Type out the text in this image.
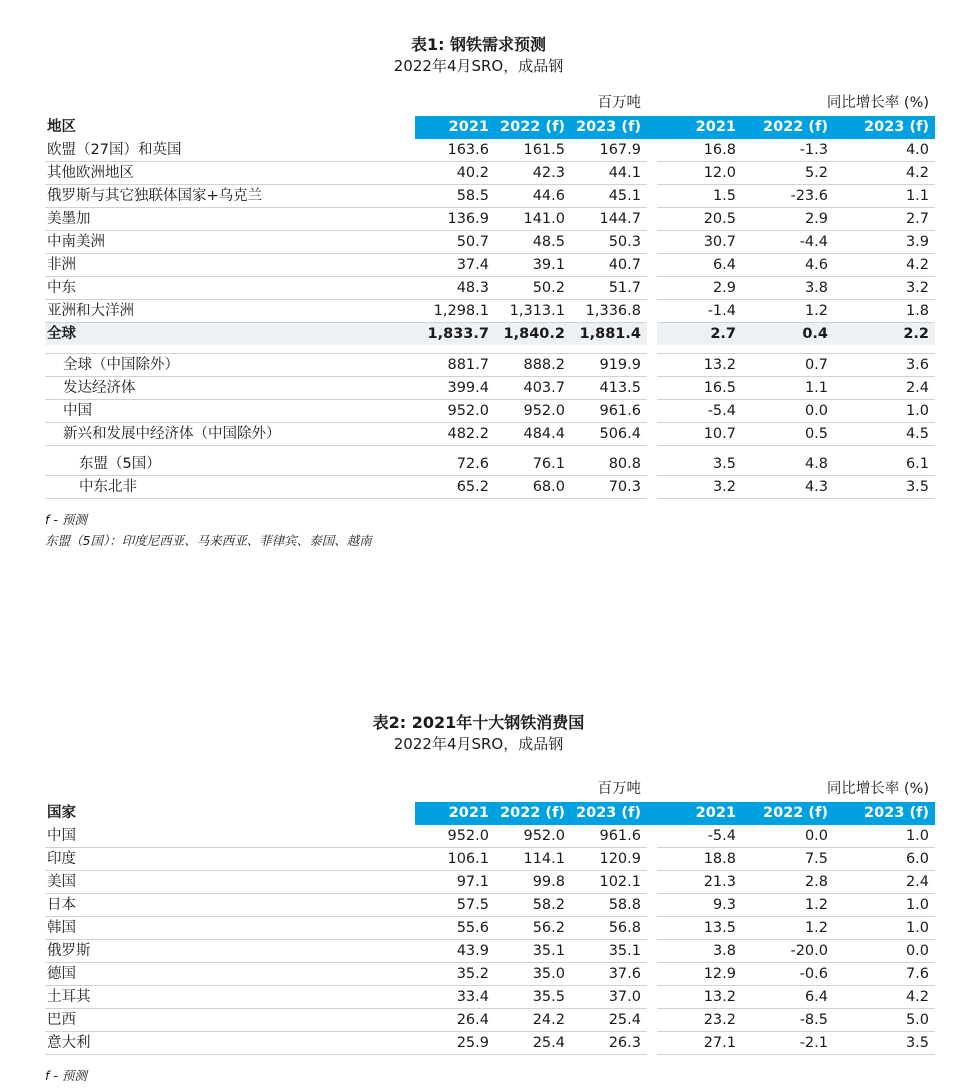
表1: 钢铁需求预测
2022年4月SRO，成品钢
	百万吨				同比增长率 (%)		
地区	2021	2022 (f)	2023 (f)		2021	2022 (f)	2023 (f)
欧盟（27国）和英国	163.6	161.5	167.9		16.8	-1.3	4.0
其他欧洲地区	40.2	42.3	44.1		12.0	5.2	4.2
俄罗斯与其它独联体国家+乌克兰	58.5	44.6	45.1		1.5	-23.6	1.1
美墨加	136.9	141.0	144.7		20.5	2.9	2.7
中南美洲	50.7	48.5	50.3		30.7	-4.4	3.9
非洲	37.4	39.1	40.7		6.4	4.6	4.2
中东	48.3	50.2	51.7		2.9	3.8	3.2
亚洲和大洋洲	1,298.1	1,313.1	1,336.8		-1.4	1.2	1.8
全球	1,833.7	1,840.2	1,881.4		2.7	0.4	2.2

全球（中国除外）	881.7	888.2	919.9		13.2	0.7	3.6
发达经济体	399.4	403.7	413.5		16.5	1.1	2.4
中国	952.0	952.0	961.6		-5.4	0.0	1.0
新兴和发展中经济体（中国除外）	482.2	484.4	506.4		10.7	0.5	4.5

东盟（5国）	72.6	76.1	80.8		3.5	4.8	6.1
中东北非	65.2	68.0	70.3		3.2	4.3	3.5
f - 预测
东盟（5国）：印度尼西亚、马来西亚、菲律宾、泰国、越南
表2: 2021年十大钢铁消费国
2022年4月SRO，成品钢
	百万吨				同比增长率 (%)		
国家	2021	2022 (f)	2023 (f)		2021	2022 (f)	2023 (f)
中国	952.0	952.0	961.6		-5.4	0.0	1.0
印度	106.1	114.1	120.9		18.8	7.5	6.0
美国	97.1	99.8	102.1		21.3	2.8	2.4
日本	57.5	58.2	58.8		9.3	1.2	1.0
韩国	55.6	56.2	56.8		13.5	1.2	1.0
俄罗斯	43.9	35.1	35.1		3.8	-20.0	0.0
德国	35.2	35.0	37.6		12.9	-0.6	7.6
土耳其	33.4	35.5	37.0		13.2	6.4	4.2
巴西	26.4	24.2	25.4		23.2	-8.5	5.0
意大利	25.9	25.4	26.3		27.1	-2.1	3.5
f - 预测
